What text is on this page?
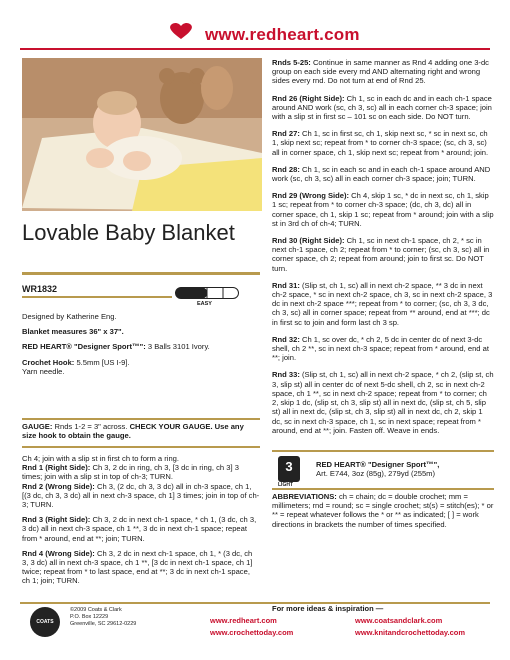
www.redheart.com
Lovable Baby Blanket
WR1832
EASY

Designed by Katherine Eng.

Blanket measures 36" x 37".

RED HEART® "Designer Sport™": 3 Balls 3101 Ivory.

Crochet Hook: 5.5mm [US I-9].
Yarn needle.

GAUGE: Rnds 1-2 = 3" across. CHECK YOUR GAUGE. Use any size hook to obtain the gauge.

Ch 4; join with a slip st in first ch to form a ring.
Rnd 1 (Right Side): Ch 3, 2 dc in ring, ch 3, [3 dc in ring, ch 3] 3 times; join with a slip st in top of ch-3; TURN.

Rnd 2 (Wrong Side): Ch 3, (2 dc, ch 3, 3 dc) all in ch-3 space, ch 1, [(3 dc, ch 3, 3 dc) all in next ch-3 space, ch 1] 3 times; join in top of ch-3; TURN.

Rnd 3 (Right Side): Ch 3, 2 dc in next ch-1 space, * ch 1, (3 dc, ch 3, 3 dc) all in next ch-3 space, ch 1 **, 3 dc in next ch-1 space; repeat from * around, end at **; join; TURN.

Rnd 4 (Wrong Side): Ch 3, 2 dc in next ch-1 space, ch 1, * (3 dc, ch 3, 3 dc) all in next ch-3 space, ch 1 **, [3 dc in next ch-1 space, ch 1] twice; repeat from * to last space, end at **; 3 dc in next ch-1 space, ch 1; join; TURN.

Rnds 5-25: Continue in same manner as Rnd 4 adding one 3-dc group on each side every rnd AND alternating right and wrong sides every rnd. Do not turn at end of Rnd 25.

Rnd 26 (Right Side): Ch 1, sc in each dc and in each ch-1 space around AND work (sc, ch 3, sc) all in each corner ch-3 space; join with a slip st in first sc – 101 sc on each side. Do NOT turn.

Rnd 27: Ch 1, sc in first sc, ch 1, skip next sc, * sc in next sc, ch 1, skip next sc; repeat from * to corner ch-3 space; (sc, ch 3, sc) all in corner space, ch 1, skip next sc; repeat from * around; join.

Rnd 28: Ch 1, sc in each sc and in each ch-1 space around AND work (sc, ch 3, sc) all in each corner ch-3 space; join; TURN.

Rnd 29 (Wrong Side): Ch 4, skip 1 sc, * dc in next sc, ch 1, skip 1 sc; repeat from * to corner ch-3 space; (dc, ch 3, dc) all in corner space, ch 1, skip 1 sc; repeat from * around; join with a slip st in 3rd ch of ch-4; TURN.

Rnd 30 (Right Side): Ch 1, sc in next ch-1 space, ch 2, * sc in next ch-1 space, ch 2; repeat from * to corner; (sc, ch 3, sc) all in corner space, ch 2; repeat from around; join to first sc. Do NOT turn.

Rnd 31: (Slip st, ch 1, sc) all in next ch-2 space, ** 3 dc in next ch-2 space, * sc in next ch-2 space, ch 3, sc in next ch-2 space, 3 dc in next ch-2 space ***; repeat from * to corner; (sc, ch 3, 3 dc, ch 3, sc) all in corner space; repeat from ** around, end at ***; dc in first sc to join and form last ch 3 sp.

Rnd 32: Ch 1, sc over dc, * ch 2, 5 dc in center dc of next 3-dc shell, ch 2 **, sc in next ch-3 space; repeat from * around, end at **; join.

Rnd 33: (Slip st, ch 1, sc) all in next ch-2 space, * ch 2, (slip st, ch 3, slip st) all in center dc of next 5-dc shell, ch 2, sc in next ch-2 space, ch 1 **, sc in next ch-2 space; repeat from * to corner; ch 2, skip 1 dc, (slip st, ch 3, slip st) all in next dc, (slip st, ch 5, slip st) all in next dc, (slip st, ch 3, slip st) all in next dc, ch 2, skip 1 dc, sc in next ch-3 space, ch 1, sc in next space; repeat from * around, end at **; join. Fasten off. Weave in ends.

3
LIGHT
RED HEART® "Designer Sport™",
Art. E744, 3oz (85g), 279yd (255m)
ABBREVIATIONS: ch = chain; dc = double crochet; mm = millimeters; rnd = round; sc = single crochet; st(s) = stitch(es); * or ** = repeat whatever follows the * or ** as indicated; [ ] = work directions in brackets the number of times specified.
COATS
©2009 Coats & Clark
P.O. Box 12229
Greenville, SC 29612-0229
For more ideas & inspiration —
www.redheart.com	www.coatsandclark.com
www.crochettoday.com	www.knitandcrochettoday.com
